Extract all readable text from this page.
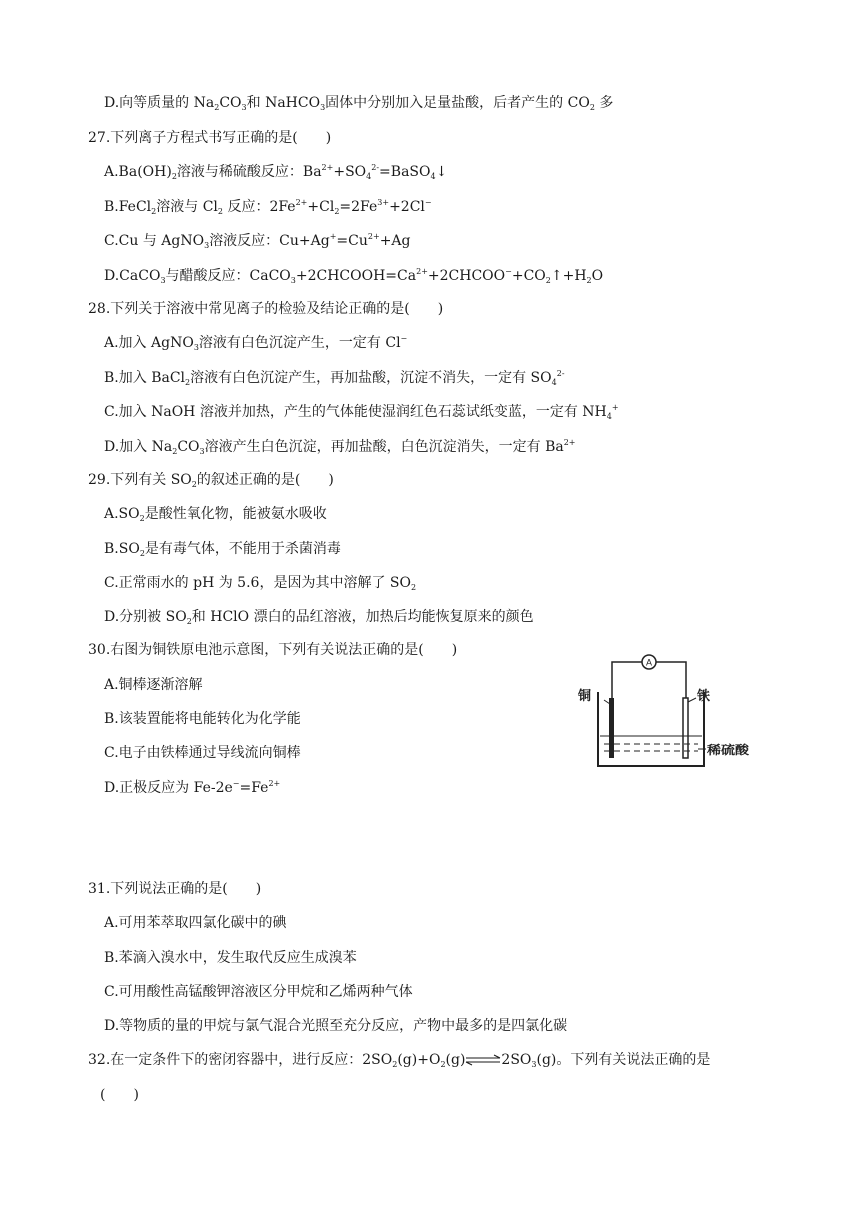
D.向等质量的 $Na_2CO_3$和 NaHCO$_3$固体中分别加入足量盐酸，后者产生的 $CO_2$ 多
27.下列离子方程式书写正确的是(　　)
$A.Ba(OH)_2$溶液与稀硫酸反应：$Ba^{2+}+SO_4^{2-}=BaSO_4↓$
B.FeCl$_2$溶液与 $Cl_2$ 反应：$2Fe^{2+}+Cl_2=2Fe^{3+}+2Cl^-$
C.Cu 与 AgNO$_3$溶液反应：$Cu+Ag^+=Cu^{2+}+Ag$
D.CaCO$_3$与醋酸反应：$CaCO_3+2CHCOOH=Ca^{2+}+2CHCOO^-+CO_2↑+H_2O$
28.下列关于溶液中常见离子的检验及结论正确的是(　　)
A.加入 AgNO$_3$溶液有白色沉淀产生，一定有 Cl−
B.加入 BaCl$_2$溶液有白色沉淀产生，再加盐酸，沉淀不消失，一定有 $SO_4^{2-}$
C.加入 NaOH 溶液并加热，产生的气体能使湿润红色石蕊试纸变蓝，一定有 $NH_4^+$
D.加入 $Na_2CO_3$溶液产生白色沉淀，再加盐酸，白色沉淀消失，一定有 $Ba^{2+}$
29.下列有关 $SO_2$的叙述正确的是(　　)
$A.SO_2$是酸性氧化物，能被氨水吸收
$B.SO_2$是有毒气体，不能用于杀菌消毒
C.正常雨水的 pH 为 5.6，是因为其中溶解了 $SO_2$
D.分别被 $SO_2$和 HClO 漂白的品红溶液，加热后均能恢复原来的颜色
30.右图为铜铁原电池示意图，下列有关说法正确的是(　　)
A.铜棒逐渐溶解
B.该装置能将电能转化为化学能
C.电子由铁棒通过导线流向铜棒
D.正极反应为 $Fe-2e^-=Fe^{2+}$
A
铜	铁
稀硫酸
31.下列说法正确的是(　　)
A.可用苯萃取四氯化碳中的碘
B.苯滴入溴水中，发生取代反应生成溴苯
C.可用酸性高锰酸钾溶液区分甲烷和乙烯两种气体
D.等物质的量的甲烷与氯气混合光照至充分反应，产物中最多的是四氯化碳
32.在一定条件下的密闭容器中，进行反应：$2SO_2(g)+O_2(g)\rightleftharpoons 2SO_3(g)$。下列有关说法正确的是
(　　)
